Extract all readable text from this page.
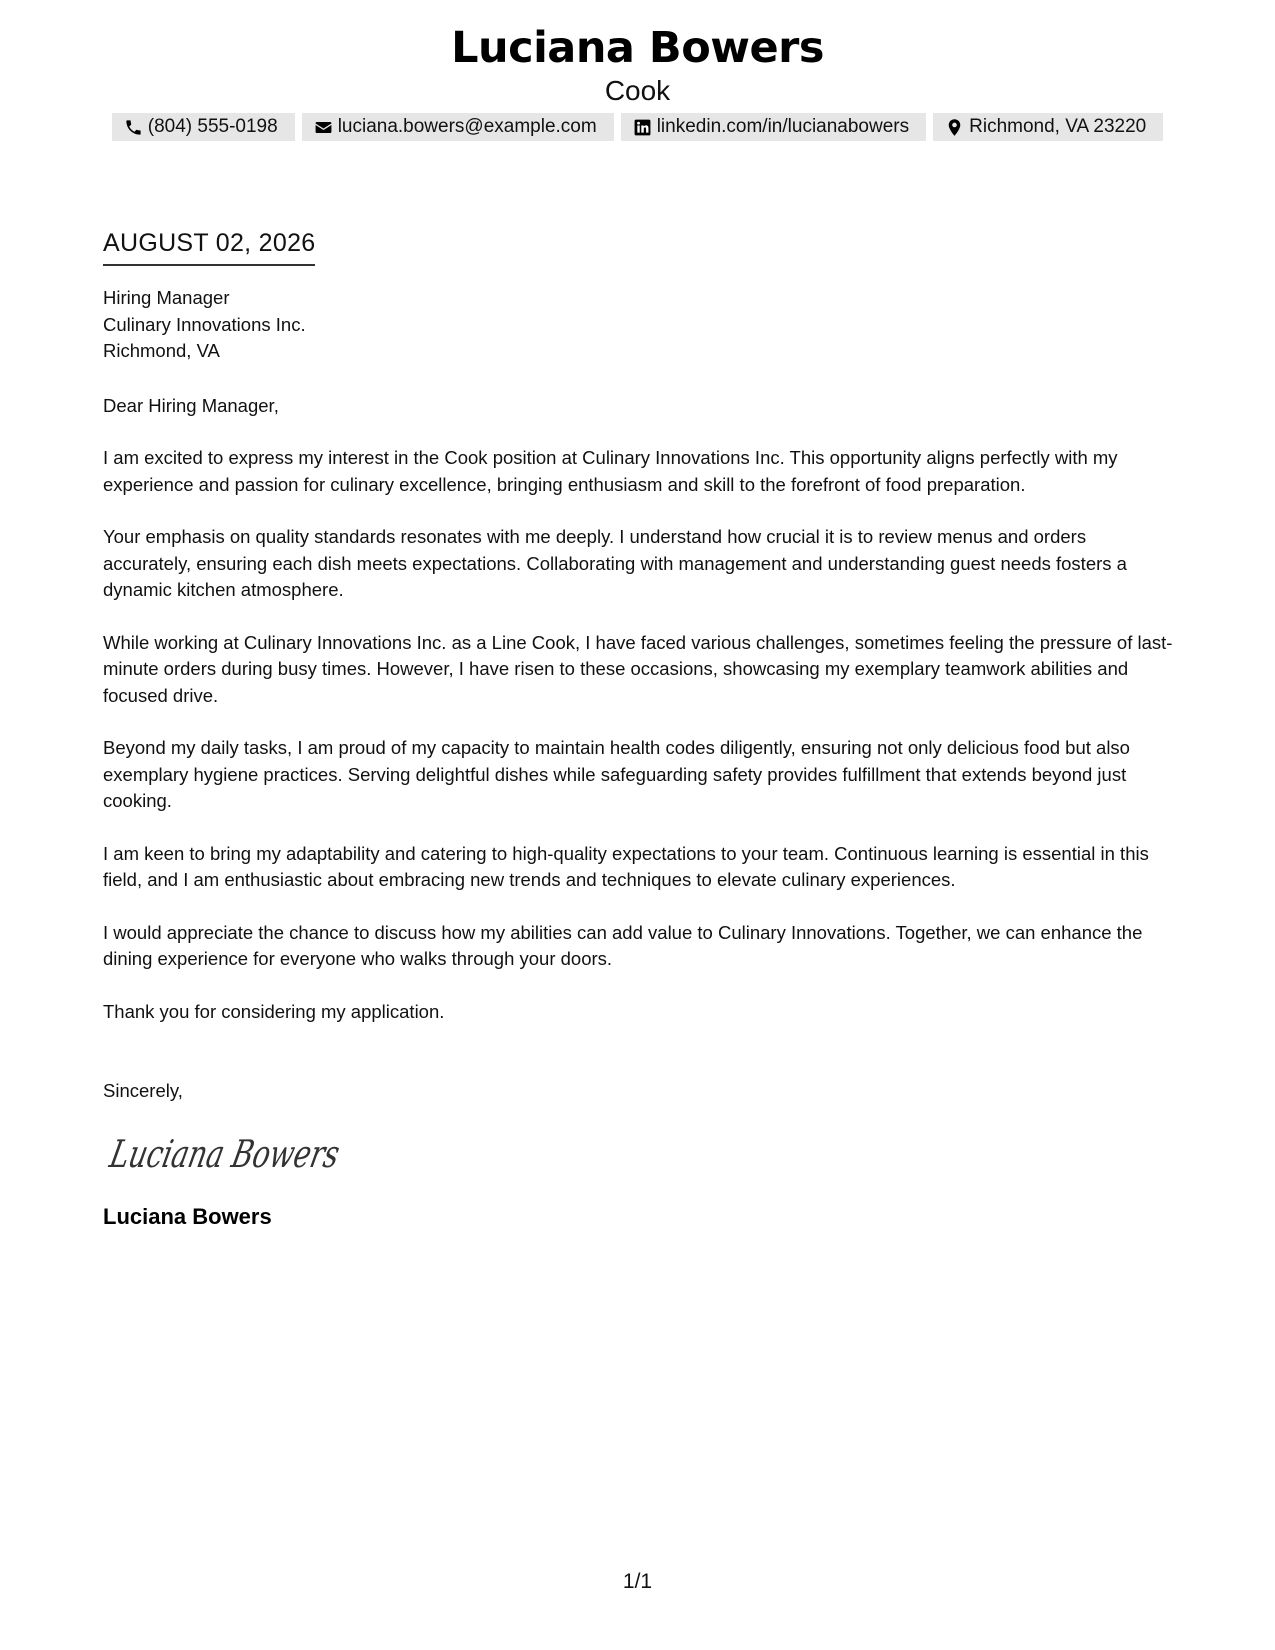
Luciana Bowers
Cook
(804) 555-0198	luciana.bowers@example.com	linkedin.com/in/lucianabowers	Richmond, VA 23220
AUGUST 02, 2026
Hiring Manager
Culinary Innovations Inc.
Richmond, VA
Dear Hiring Manager,
I am excited to express my interest in the Cook position at Culinary Innovations Inc. This opportunity aligns perfectly with my experience and passion for culinary excellence, bringing enthusiasm and skill to the forefront of food preparation.
Your emphasis on quality standards resonates with me deeply. I understand how crucial it is to review menus and orders accurately, ensuring each dish meets expectations. Collaborating with management and understanding guest needs fosters a dynamic kitchen atmosphere.
While working at Culinary Innovations Inc. as a Line Cook, I have faced various challenges, sometimes feeling the pressure of last-minute orders during busy times. However, I have risen to these occasions, showcasing my exemplary teamwork abilities and focused drive.
Beyond my daily tasks, I am proud of my capacity to maintain health codes diligently, ensuring not only delicious food but also exemplary hygiene practices. Serving delightful dishes while safeguarding safety provides fulfillment that extends beyond just cooking.
I am keen to bring my adaptability and catering to high-quality expectations to your team. Continuous learning is essential in this field, and I am enthusiastic about embracing new trends and techniques to elevate culinary experiences.
I would appreciate the chance to discuss how my abilities can add value to Culinary Innovations. Together, we can enhance the dining experience for everyone who walks through your doors.
Thank you for considering my application.
Sincerely,
Luciana Bowers
Luciana Bowers
1/1
